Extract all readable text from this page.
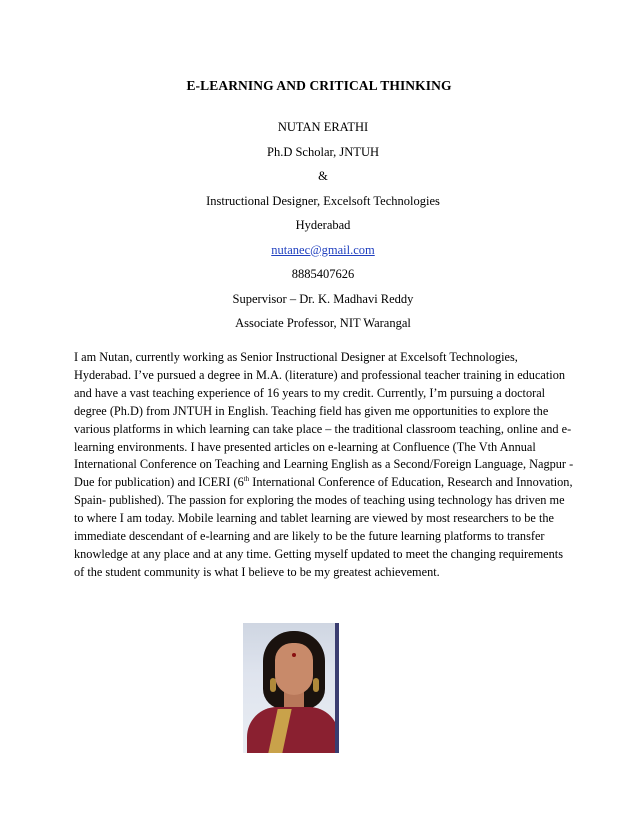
E-LEARNING AND CRITICAL THINKING
NUTAN ERATHI
Ph.D Scholar, JNTUH
&
Instructional Designer, Excelsoft Technologies
Hyderabad
nutanec@gmail.com
8885407626
Supervisor – Dr. K. Madhavi Reddy
Associate Professor, NIT Warangal

I am Nutan, currently working as Senior Instructional Designer at Excelsoft Technologies, Hyderabad. I’ve pursued a degree in M.A. (literature) and professional teacher training in education and have a vast teaching experience of 16 years to my credit. Currently, I’m pursuing a doctoral degree (Ph.D) from JNTUH in English. Teaching field has given me opportunities to explore the various platforms in which learning can take place – the traditional classroom teaching, online and e-learning environments. I have presented articles on e-learning at Confluence (The Vth Annual International Conference on Teaching and Learning English as a Second/Foreign Language, Nagpur -Due for publication) and ICERI (6th International Conference of Education, Research and Innovation, Spain- published). The passion for exploring the modes of teaching using technology has driven me to where I am today. Mobile learning and tablet learning are viewed by most researchers to be the immediate descendant of e-learning and are likely to be the future learning platforms to transfer knowledge at any place and at any time. Getting myself updated to meet the changing requirements of the student community is what I believe to be my greatest achievement.
